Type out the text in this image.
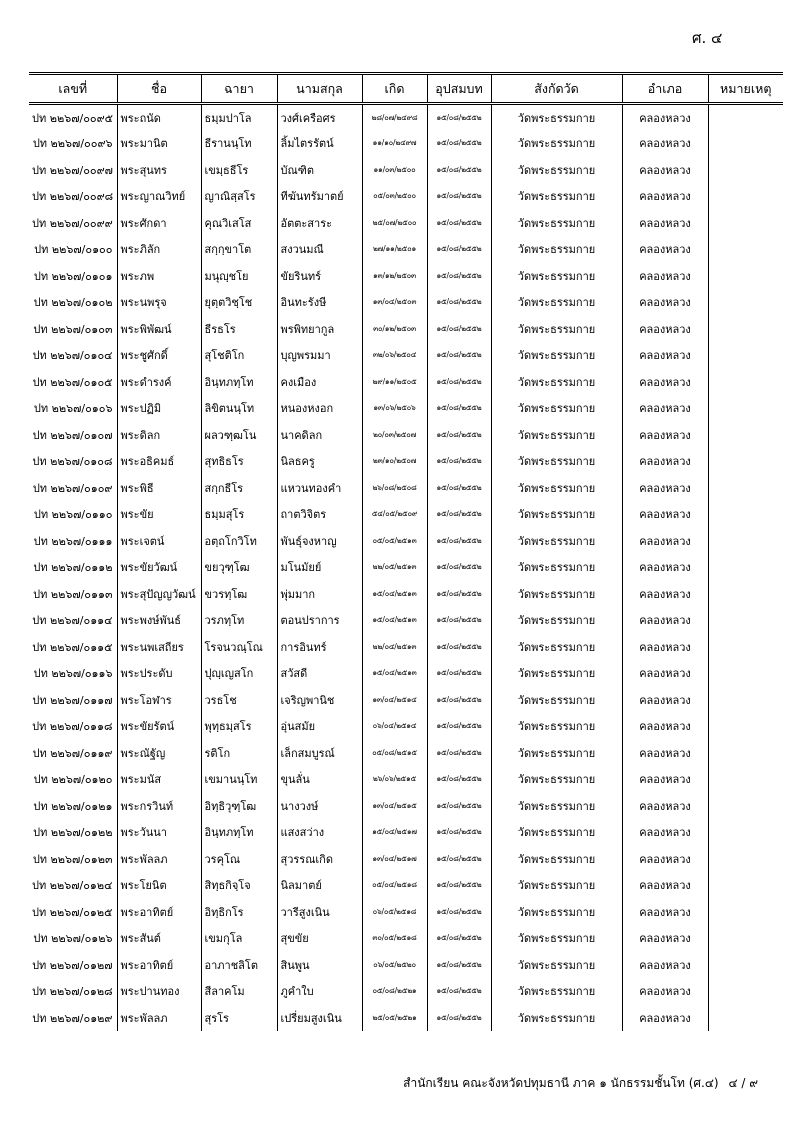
ศ. ๔
เลขที่	ชื่อ	ฉายา	นามสกุล	เกิด	อุปสมบท	สังกัดวัด	อำเภอ	หมายเหตุ
ปท ๒๒๖๗/๐๐๙๕	พระถนัด	ธมฺมปาโล	วงศ์เครือศร	๒๘/๐๗/๒๔๙๘	๑๕/๐๘/๒๕๕๒	วัดพระธรรมกาย	คลองหลวง	
ปท ๒๒๖๗/๐๐๙๖	พระมานิต	ธีรานนฺโท	ลิ้มไตรรัตน์	๑๑/๑๐/๒๔๙๗	๑๕/๐๘/๒๕๕๒	วัดพระธรรมกาย	คลองหลวง	
ปท ๒๒๖๗/๐๐๙๗	พระสุนทร	เขมฺธธีโร	บัณฑิต	๑๑/๐๓/๒๕๐๐	๑๕/๐๘/๒๕๕๒	วัดพระธรรมกาย	คลองหลวง	
ปท ๒๒๖๗/๐๐๙๘	พระญาณวิทย์	ญาณิสฺสโร	ทีฆันทรัมาตย์	๐๕/๐๓/๒๕๐๐	๑๕/๐๘/๒๕๕๒	วัดพระธรรมกาย	คลองหลวง	
ปท ๒๒๖๗/๐๐๙๙	พระศักดา	คุณวิเสโส	อัตตะสาระ	๒๕/๐๗/๒๕๐๐	๑๕/๐๘/๒๕๕๒	วัดพระธรรมกาย	คลองหลวง	
ปท ๒๒๖๗/๐๑๐๐	พระภิลัก	สกฺกฺขาโต	สงวนมณี	๒๗/๑๑/๒๕๐๑	๑๕/๐๘/๒๕๕๒	วัดพระธรรมกาย	คลองหลวง	
ปท ๒๒๖๗/๐๑๐๑	พระภพ	มนุญฺชโย	ขัยรินทร์	๑๓/๑๒/๒๕๐๓	๑๕/๐๘/๒๕๕๒	วัดพระธรรมกาย	คลองหลวง	
ปท ๒๒๖๗/๐๑๐๒	พระนพรุจ	ยุตฺตวิชฺโช	อินทะรังษี	๑๓/๐๔/๒๕๐๓	๑๕/๐๘/๒๕๕๒	วัดพระธรรมกาย	คลองหลวง	
ปท ๒๒๖๗/๐๑๐๓	พระพิพัฒน์	ธีรธโร	พรพิทยากูล	๓๐/๑๒/๒๕๐๓	๑๕/๐๘/๒๕๕๒	วัดพระธรรมกาย	คลองหลวง	
ปท ๒๒๖๗/๐๑๐๔	พระชูศักดิ์	สุโชติโก	บุญพรมมา	๓๒/๐๖/๒๕๐๔	๑๕/๐๘/๒๕๕๒	วัดพระธรรมกาย	คลองหลวง	
ปท ๒๒๖๗/๐๑๐๕	พระดำรงค์	อินฺทภทฺโท	คงเมือง	๒๙/๑๑/๒๕๐๕	๑๕/๐๘/๒๕๕๒	วัดพระธรรมกาย	คลองหลวง	
ปท ๒๒๖๗/๐๑๐๖	พระปฏิมิ	ลิขิตนนฺโท	หนองหงอก	๑๓/๐๖/๒๕๐๖	๑๕/๐๘/๒๕๕๒	วัดพระธรรมกาย	คลองหลวง	
ปท ๒๒๖๗/๐๑๐๗	พระดิลก	ผลวฑฺฒโน	นาคดิลก	๒๐/๐๓/๒๕๐๗	๑๕/๐๘/๒๕๕๒	วัดพระธรรมกาย	คลองหลวง	
ปท ๒๒๖๗/๐๑๐๘	พระอธิคมธ์	สุทธิธโร	นิลธครู	๒๓/๑๐/๒๕๐๗	๑๕/๐๘/๒๕๕๒	วัดพระธรรมกาย	คลองหลวง	
ปท ๒๒๖๗/๐๑๐๙	พระพิธี	สกฺกธีโร	แหวนทองคำ	๒๖/๐๘/๒๕๐๘	๑๕/๐๘/๒๕๕๒	วัดพระธรรมกาย	คลองหลวง	
ปท ๒๒๖๗/๐๑๑๐	พระขัย	ธมฺมสุโร	ถาตวิจิตร	๕๔/๐๕/๒๕๐๙	๑๕/๐๘/๒๕๕๒	วัดพระธรรมกาย	คลองหลวง	
ปท ๒๒๖๗/๐๑๑๑	พระเจตน์	อตฺถโกวิโท	พันธุ์จงหาญ	๐๕/๐๕/๒๕๑๓	๑๕/๐๘/๒๕๕๒	วัดพระธรรมกาย	คลองหลวง	
ปท ๒๒๖๗/๐๑๑๒	พระขัยวัฒน์	ขยวุฑฺโฒ	มโนมัยย์	๒๒/๐๕/๒๕๑๓	๑๕/๐๘/๒๕๕๒	วัดพระธรรมกาย	คลองหลวง	
ปท ๒๒๖๗/๐๑๑๓	พระสุปัญญวัฒน์	ขวรทฺโฒ	พุ่มมาก	๑๕/๐๔/๒๕๑๓	๑๕/๐๘/๒๕๕๒	วัดพระธรรมกาย	คลองหลวง	
ปท ๒๒๖๗/๐๑๑๔	พระพงษ์พันธ์	วรภทฺโท	ตอนปราการ	๑๕/๐๔/๒๕๑๓	๑๕/๐๘/๒๕๕๒	วัดพระธรรมกาย	คลองหลวง	
ปท ๒๒๖๗/๐๑๑๕	พระนพเสถียร	โรจนวณฺโณ	การอินทร์	๒๒/๐๔/๒๕๑๓	๑๕/๐๘/๒๕๕๒	วัดพระธรรมกาย	คลองหลวง	
ปท ๒๒๖๗/๐๑๑๖	พระประดับ	ปุญฺเญสโก	สวัสดี	๑๕/๐๔/๒๕๑๓	๑๕/๐๘/๒๕๕๒	วัดพระธรรมกาย	คลองหลวง	
ปท ๒๒๖๗/๐๑๑๗	พระโอฬาร	วรธโช	เจริญพานิช	๑๓/๐๔/๒๕๑๔	๑๕/๐๘/๒๕๕๒	วัดพระธรรมกาย	คลองหลวง	
ปท ๒๒๖๗/๐๑๑๘	พระขัยรัตน์	พุทฺธมฺสโร	อุ่นสมัย	๐๖/๐๔/๒๕๑๔	๑๕/๐๘/๒๕๕๒	วัดพระธรรมกาย	คลองหลวง	
ปท ๒๒๖๗/๐๑๑๙	พระณัฐัญ	รติโก	เล็กสมบูรณ์	๐๕/๐๘/๒๕๑๕	๑๕/๐๘/๒๕๕๒	วัดพระธรรมกาย	คลองหลวง	
ปท ๒๒๖๗/๐๑๒๐	พระมนัส	เขมานนฺโท	ขุนลั่น	๒๖/๐๖/๒๕๑๕	๑๕/๐๘/๒๕๕๒	วัดพระธรรมกาย	คลองหลวง	
ปท ๒๒๖๗/๐๑๒๑	พระกรวินท์	อิทฺธิวุฑฺโฒ	นางวงษ์	๑๓/๐๔/๒๕๑๕	๑๕/๐๘/๒๕๕๒	วัดพระธรรมกาย	คลองหลวง	
ปท ๒๒๖๗/๐๑๒๒	พระวันนา	อินฺทภทฺโท	แสงสว่าง	๑๕/๐๔/๒๕๑๗	๑๕/๐๘/๒๕๕๒	วัดพระธรรมกาย	คลองหลวง	
ปท ๒๒๖๗/๐๑๒๓	พระพัลลภ	วรคุโณ	สุวรรณเกิด	๑๓/๐๔/๒๕๑๗	๑๕/๐๘/๒๕๕๒	วัดพระธรรมกาย	คลองหลวง	
ปท ๒๒๖๗/๐๑๒๔	พระโยนิต	สิทฺธกิจฺโจ	นิลมาตย์	๐๕/๐๔/๒๕๑๘	๑๕/๐๘/๒๕๕๒	วัดพระธรรมกาย	คลองหลวง	
ปท ๒๒๖๗/๐๑๒๕	พระอาทิตย์	อิทฺธิกโร	วารีสูงเนิน	๐๖/๐๕/๒๕๑๘	๑๕/๐๘/๒๕๕๒	วัดพระธรรมกาย	คลองหลวง	
ปท ๒๒๖๗/๐๑๒๖	พระสันต์	เขมกุโล	สุขขัย	๓๐/๐๕/๒๕๑๘	๑๕/๐๘/๒๕๕๒	วัดพระธรรมกาย	คลองหลวง	
ปท ๒๒๖๗/๐๑๒๗	พระอาทิตย์	อาภาชลิโต	สินพูน	๐๖/๐๕/๒๕๒๐	๑๕/๐๘/๒๕๕๒	วัดพระธรรมกาย	คลองหลวง	
ปท ๒๒๖๗/๐๑๒๘	พระปานทอง	สีลาคโม	ภูคำใบ	๐๕/๐๘/๒๕๒๑	๑๕/๐๘/๒๕๕๒	วัดพระธรรมกาย	คลองหลวง	
ปท ๒๒๖๗/๐๑๒๙	พระพัลลภ	สุรโร	เปรี่ยมสูงเนิน	๒๕/๐๕/๒๕๒๑	๑๕/๐๘/๒๕๕๒	วัดพระธรรมกาย	คลองหลวง	
สำนักเรียน คณะจังหวัดปทุมธานี ภาค ๑ นักธรรมชั้นโท (ศ.๔) ๔ / ๙
